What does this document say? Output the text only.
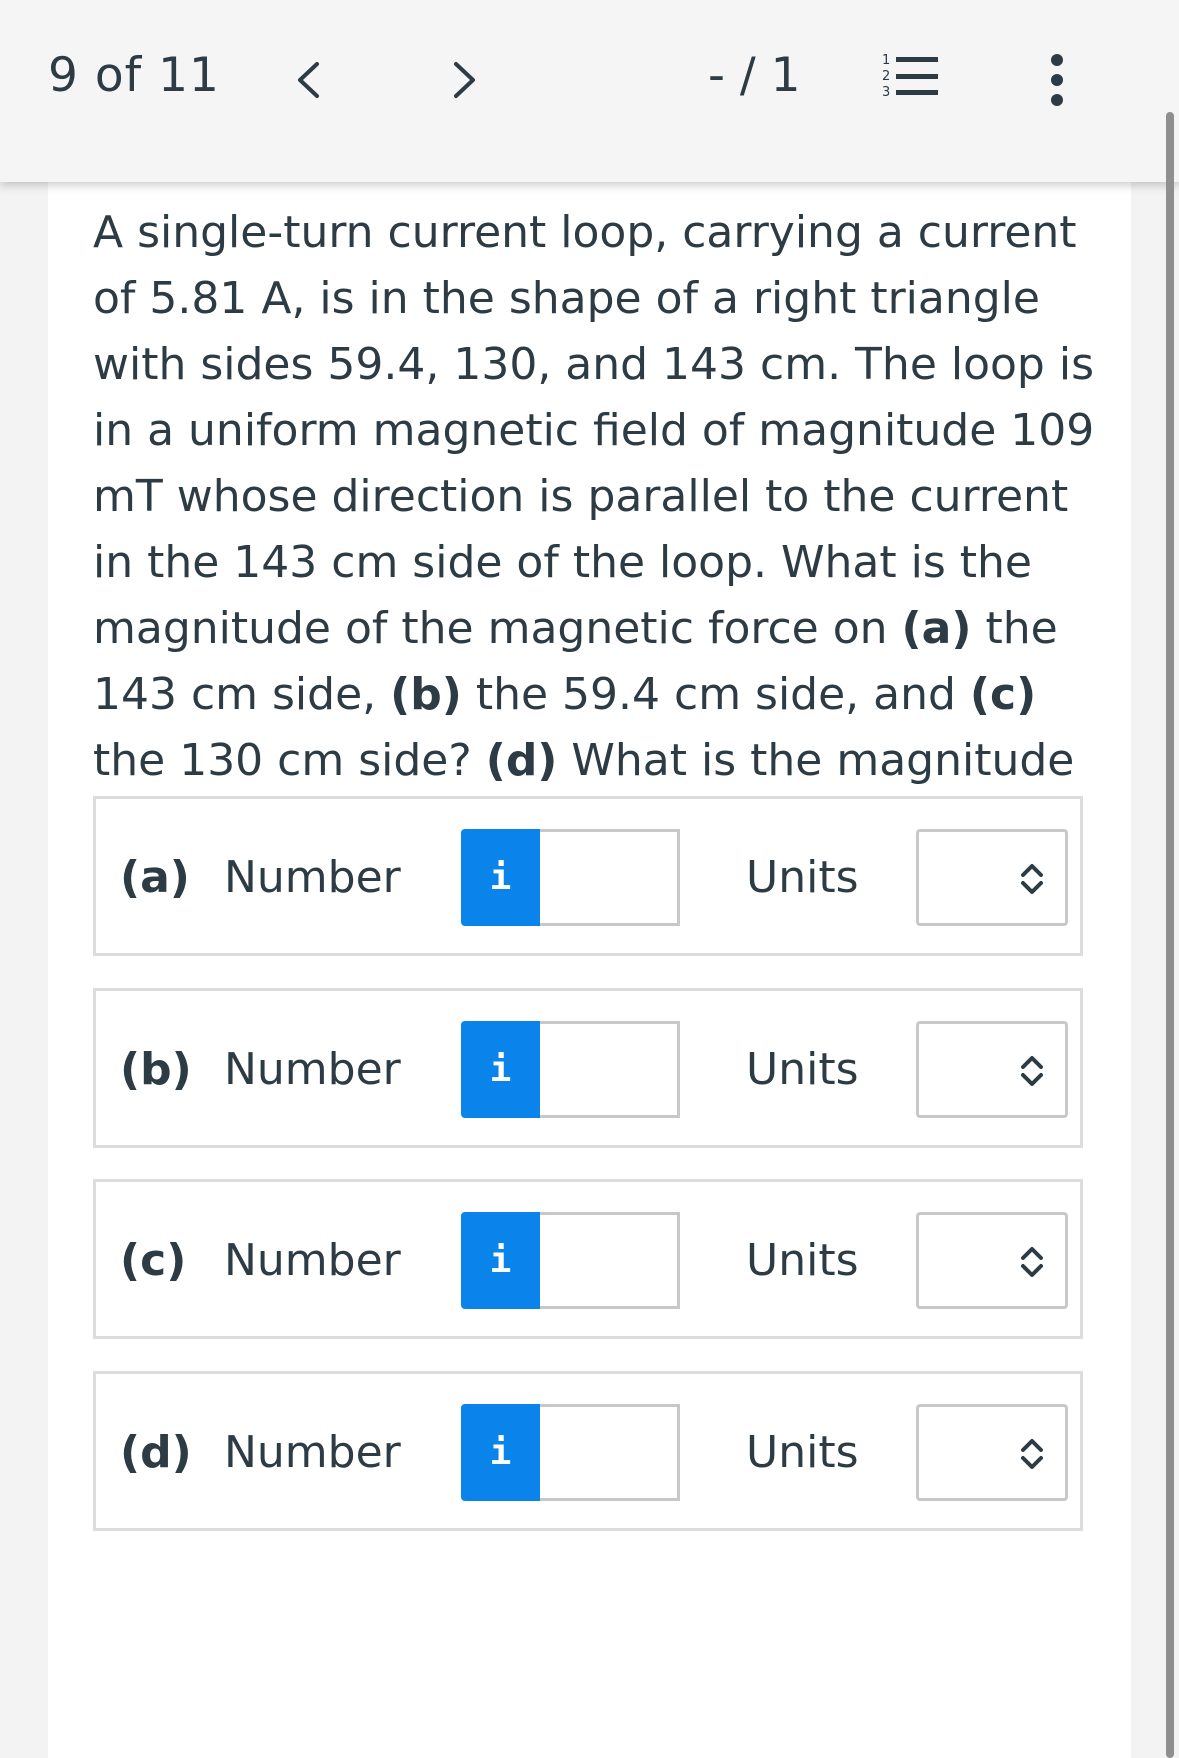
9 of 11	- / 1	1
2
3

A single-turn current loop, carrying a current of 5.81 A, is in the shape of a right triangle with sides 59.4, 130, and 143 cm. The loop is in a uniform magnetic field of magnitude 109 mT whose direction is parallel to the current in the 143 cm side of the loop. What is the magnitude of the magnetic force on (a) the 143 cm side, (b) the 59.4 cm side, and (c) the 130 cm side? (d) What is the magnitude

(a) Number i	Units
(b) Number i	Units
(c) Number i	Units
(d) Number i	Units
